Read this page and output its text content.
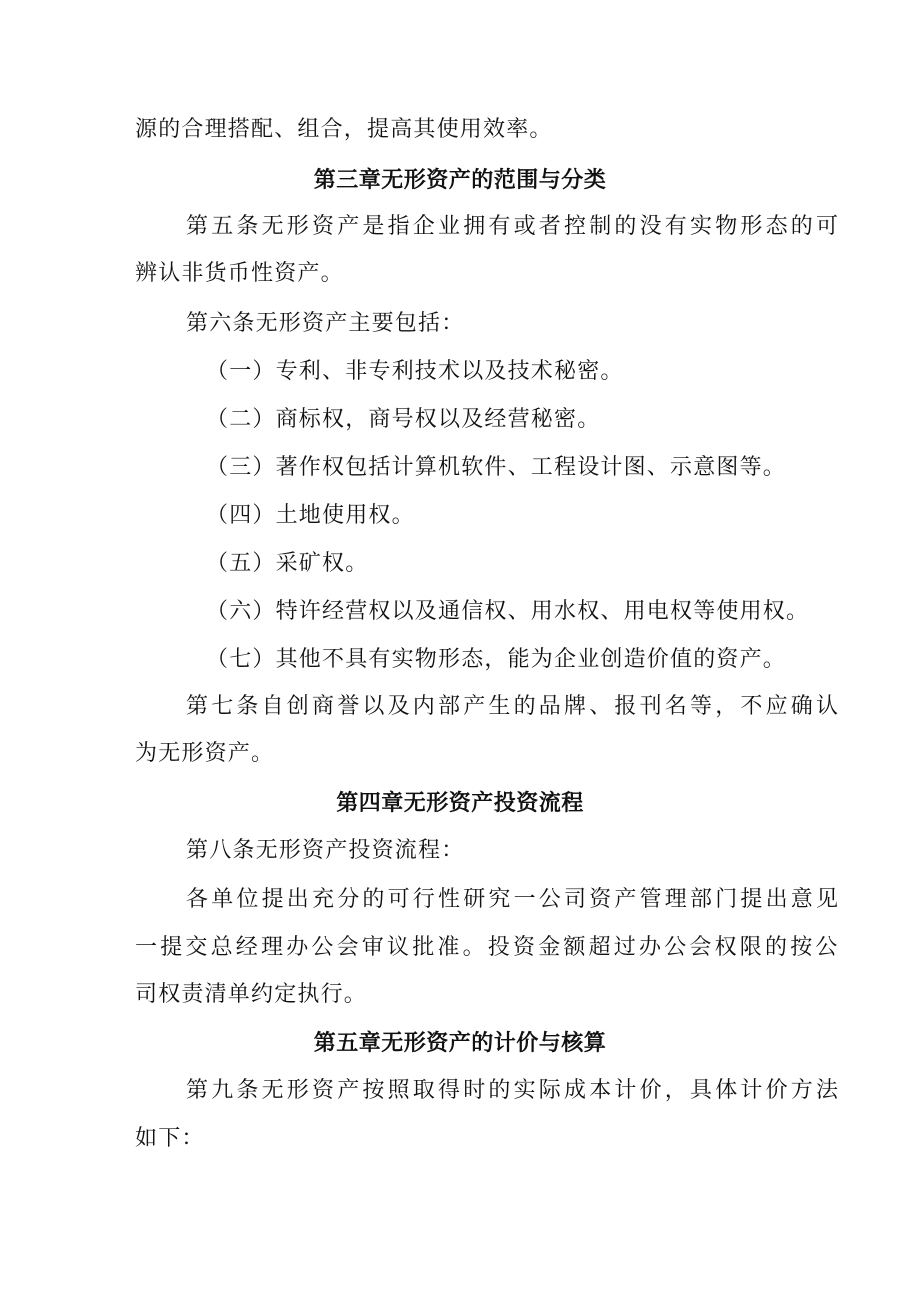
源的合理搭配、组合，提高其使用效率。
第三章无形资产的范围与分类
第五条无形资产是指企业拥有或者控制的没有实物形态的可
辨认非货币性资产。
第六条无形资产主要包括：
（一）专利、非专利技术以及技术秘密。
（二）商标权，商号权以及经营秘密。
（三）著作权包括计算机软件、工程设计图、示意图等。
（四）土地使用权。
（五）采矿权。
（六）特许经营权以及通信权、用水权、用电权等使用权。
（七）其他不具有实物形态，能为企业创造价值的资产。
第七条自创商誉以及内部产生的品牌、报刊名等，不应确认
为无形资产。
第四章无形资产投资流程
第八条无形资产投资流程：
各单位提出充分的可行性研究一公司资产管理部门提出意见
一提交总经理办公会审议批准。投资金额超过办公会权限的按公
司权责清单约定执行。
第五章无形资产的计价与核算
第九条无形资产按照取得时的实际成本计价，具体计价方法
如下：
